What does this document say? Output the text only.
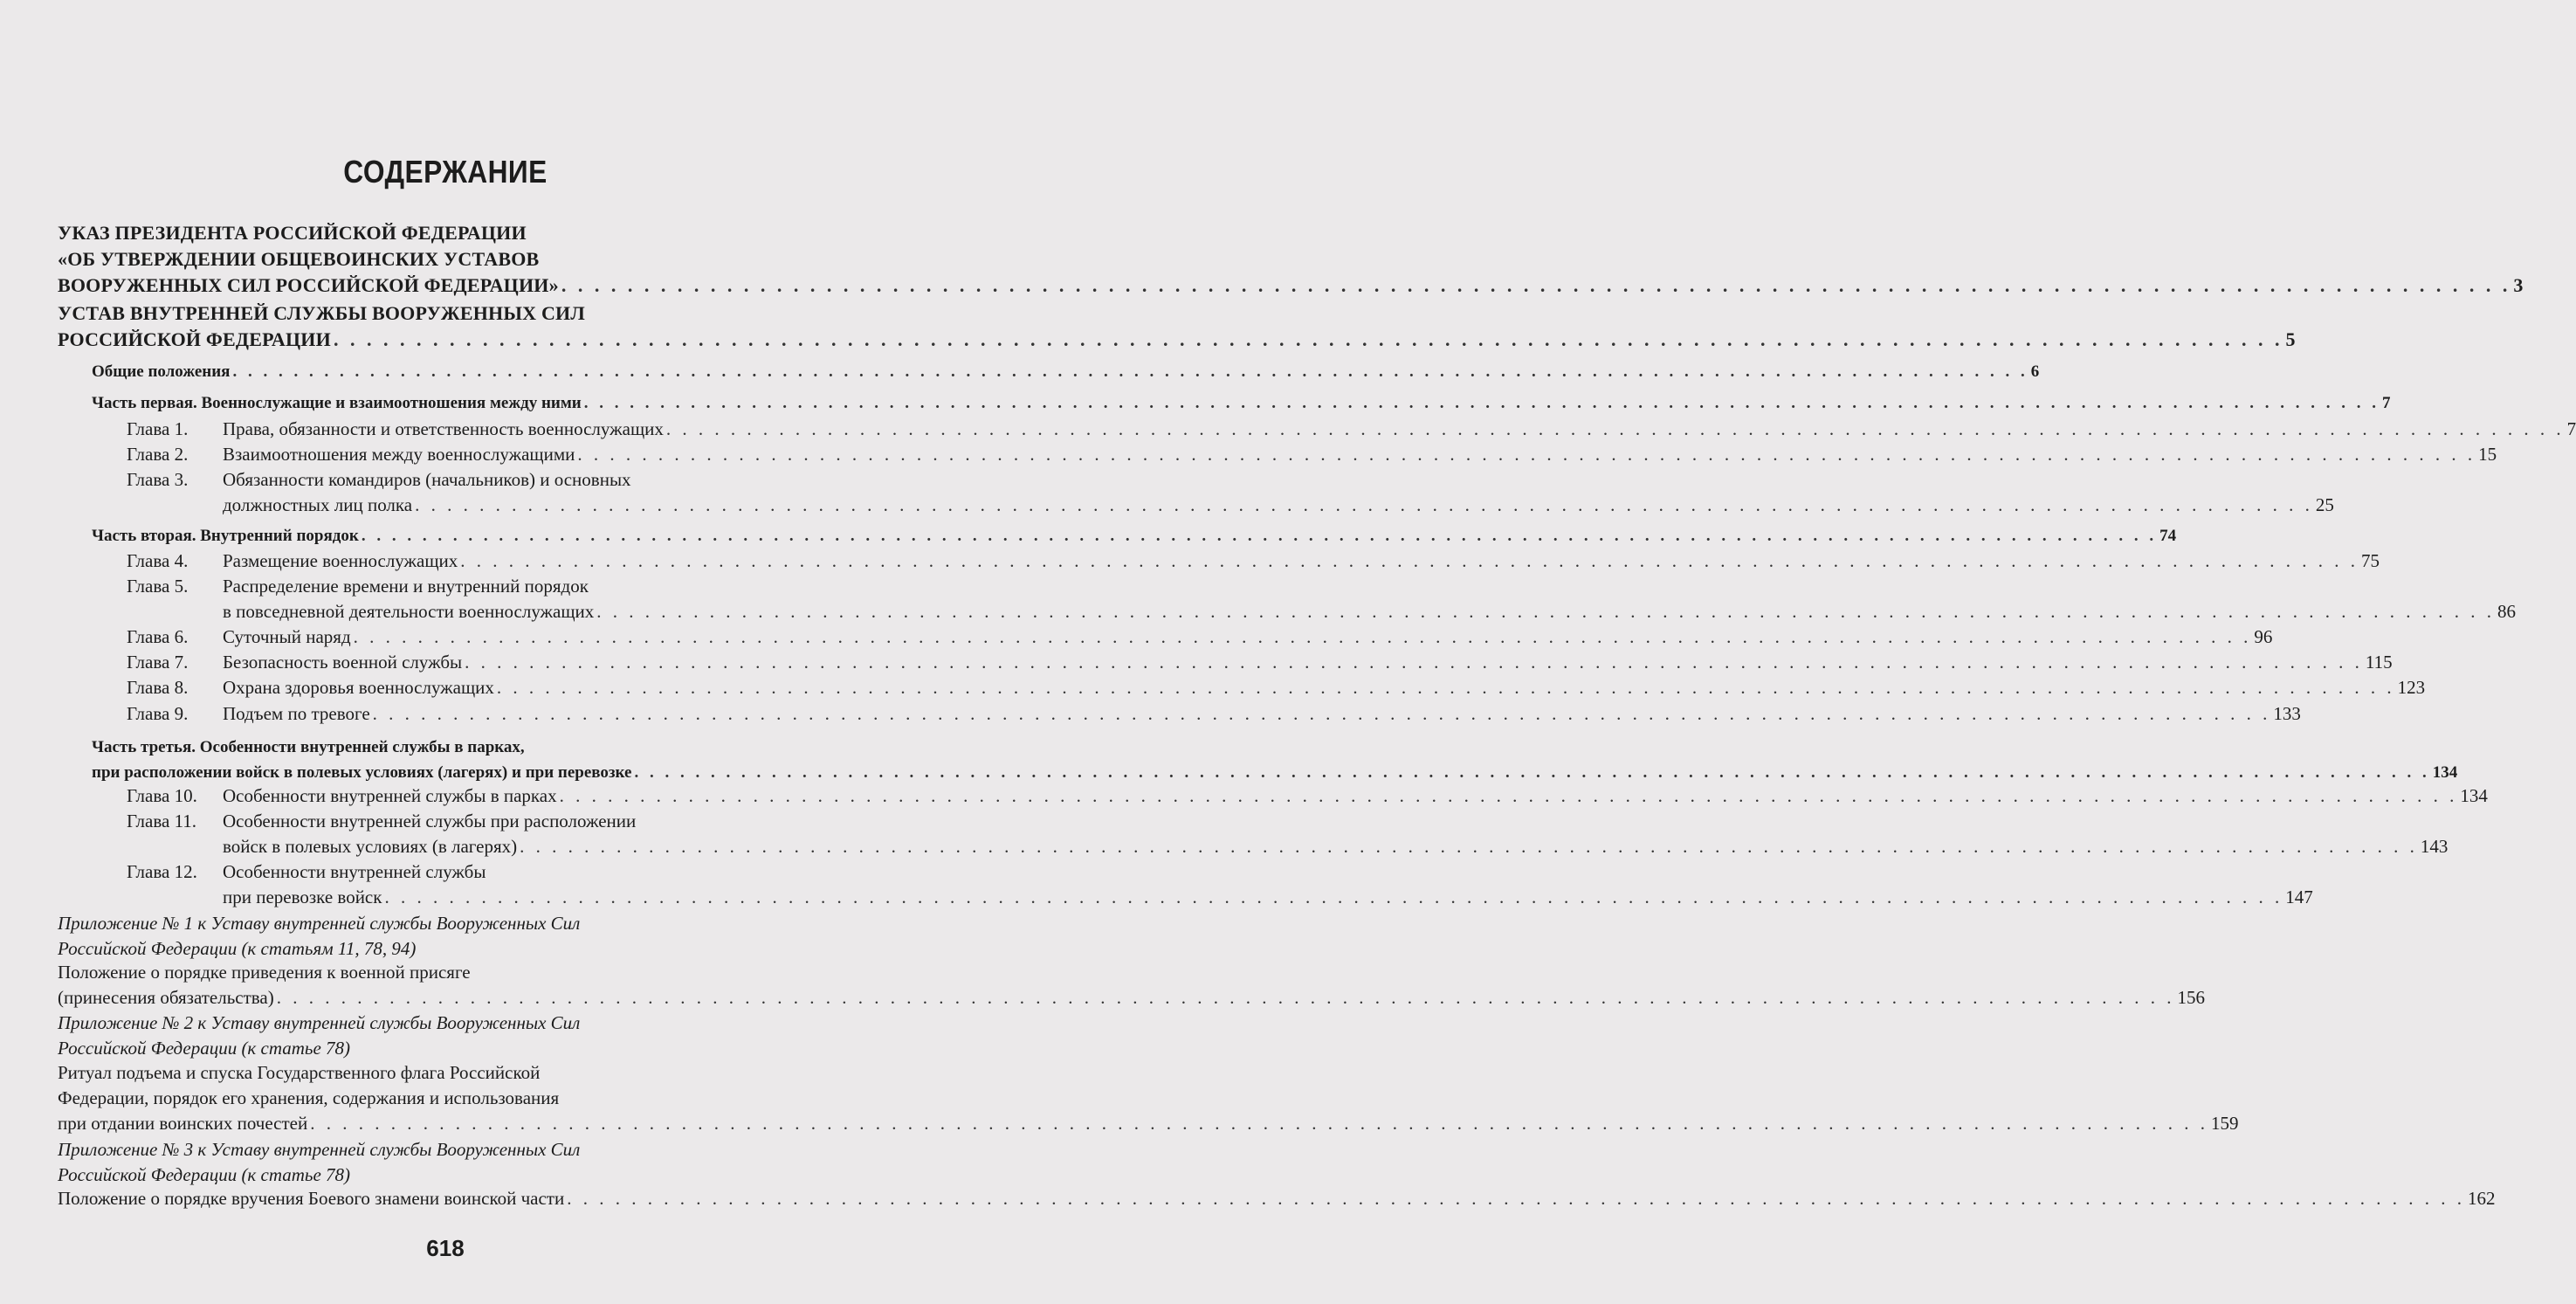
СОДЕРЖАНИЕ
УКАЗ ПРЕЗИДЕНТА РОССИЙСКОЙ ФЕДЕРАЦИИ
«ОБ УТВЕРЖДЕНИИ ОБЩЕВОИНСКИХ УСТАВОВ
ВООРУЖЕННЫХ СИЛ РОССИЙСКОЙ ФЕДЕРАЦИИ» . . .	3
УСТАВ ВНУТРЕННЕЙ СЛУЖБЫ ВООРУЖЕННЫХ СИЛ
РОССИЙСКОЙ ФЕДЕРАЦИИ . . .	5
Общие положения . . .	6
Часть первая. Военнослужащие и взаимоотношения между ними . . .	7
Глава 1. Права, обязанности и ответственность военнослужащих . . .	7
Глава 2. Взаимоотношения между военнослужащими . . .	15
Глава 3. Обязанности командиров (начальников) и основных
должностных лиц полка . . .	25
Часть вторая. Внутренний порядок . . .	74
Глава 4. Размещение военнослужащих . . .	75
Глава 5. Распределение времени и внутренний порядок
в повседневной деятельности военнослужащих . . .	86
Глава 6. Суточный наряд . . .	96
Глава 7. Безопасность военной службы . . .	115
Глава 8. Охрана здоровья военнослужащих . . .	123
Глава 9. Подъем по тревоге . . .	133
Часть третья. Особенности внутренней службы в парках,
при расположении войск в полевых условиях (лагерях) и при перевозке . . .	134
Глава 10. Особенности внутренней службы в парках . . .	134
Глава 11. Особенности внутренней службы при расположении
войск в полевых условиях (в лагерях) . . .	143
Глава 12. Особенности внутренней службы
при перевозке войск . . .	147
Приложение № 1 к Уставу внутренней службы Вооруженных Сил
Российской Федерации (к статьям 11, 78, 94)
Положение о порядке приведения к военной присяге
(принесения обязательства) . . .	156
Приложение № 2 к Уставу внутренней службы Вооруженных Сил
Российской Федерации (к статье 78)
Ритуал подъема и спуска Государственного флага Российской
Федерации, порядок его хранения, содержания и использования
при отдании воинских почестей . . .	159
Приложение № 3 к Уставу внутренней службы Вооруженных Сил
Российской Федерации (к статье 78)
Положение о порядке вручения Боевого знамени воинской части . . .	162
618
